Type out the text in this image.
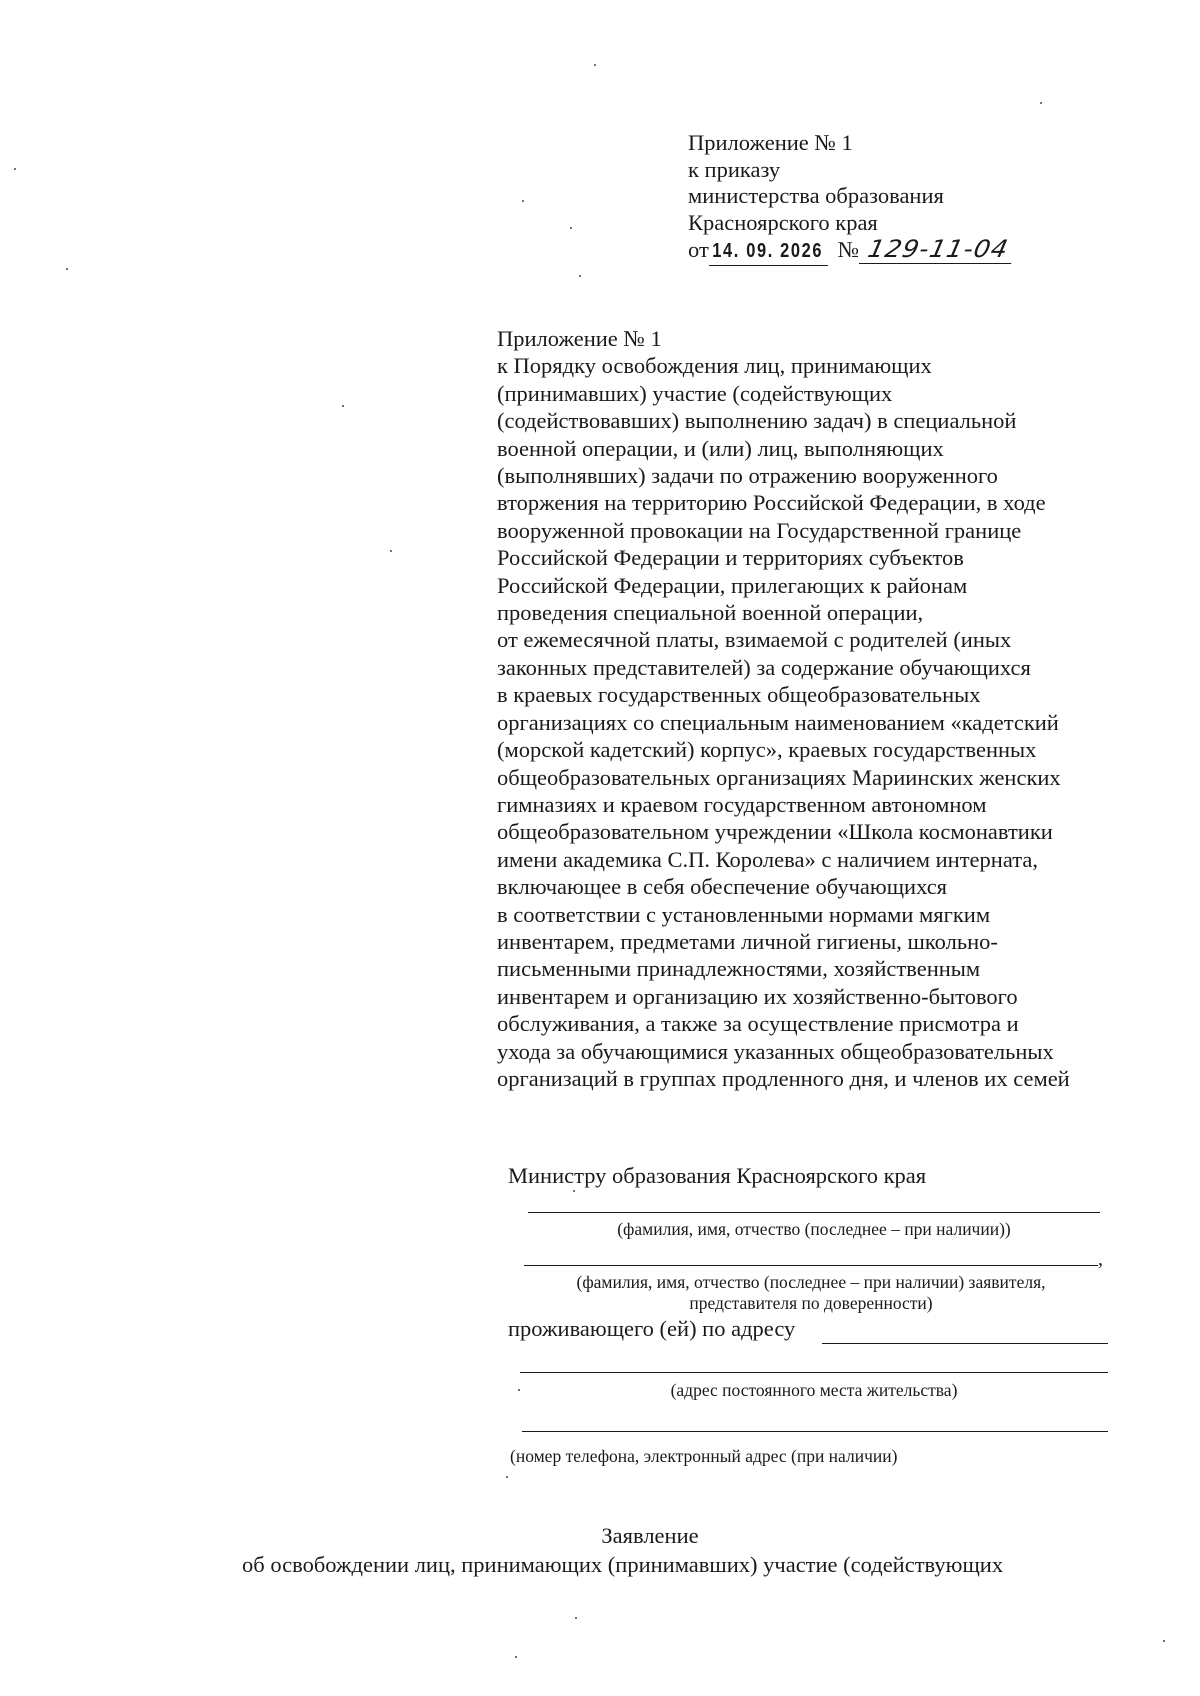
Приложение № 1
к приказу
министерства образования
Красноярского края
от 14. 09. 2026 № 129-11-04
Приложение № 1
к Порядку освобождения лиц, принимающих
(принимавших) участие (содействующих
(содействовавших) выполнению задач) в специальной
военной операции, и (или) лиц, выполняющих
(выполнявших) задачи по отражению вооруженного
вторжения на территорию Российской Федерации, в ходе
вооруженной провокации на Государственной границе
Российской Федерации и территориях субъектов
Российской Федерации, прилегающих к районам
проведения специальной военной операции,
от ежемесячной платы, взимаемой с родителей (иных
законных представителей) за содержание обучающихся
в краевых государственных общеобразовательных
организациях со специальным наименованием «кадетский
(морской кадетский) корпус», краевых государственных
общеобразовательных организациях Мариинских женских
гимназиях и краевом государственном автономном
общеобразовательном учреждении «Школа космонавтики
имени академика С.П. Королева» с наличием интерната,
включающее в себя обеспечение обучающихся
в соответствии с установленными нормами мягким
инвентарем, предметами личной гигиены, школьно-
письменными принадлежностями, хозяйственным
инвентарем и организацию их хозяйственно-бытового
обслуживания, а также за осуществление присмотра и
ухода за обучающимися указанных общеобразовательных
организаций в группах продленного дня, и членов их семей
Министру образования Красноярского края
(фамилия, имя, отчество (последнее – при наличии))
,
(фамилия, имя, отчество (последнее – при наличии) заявителя,
представителя по доверенности)
проживающего (ей) по адресу
(адрес постоянного места жительства)
(номер телефона, электронный адрес (при наличии)
Заявление
об освобождении лиц, принимающих (принимавших) участие (содействующих
